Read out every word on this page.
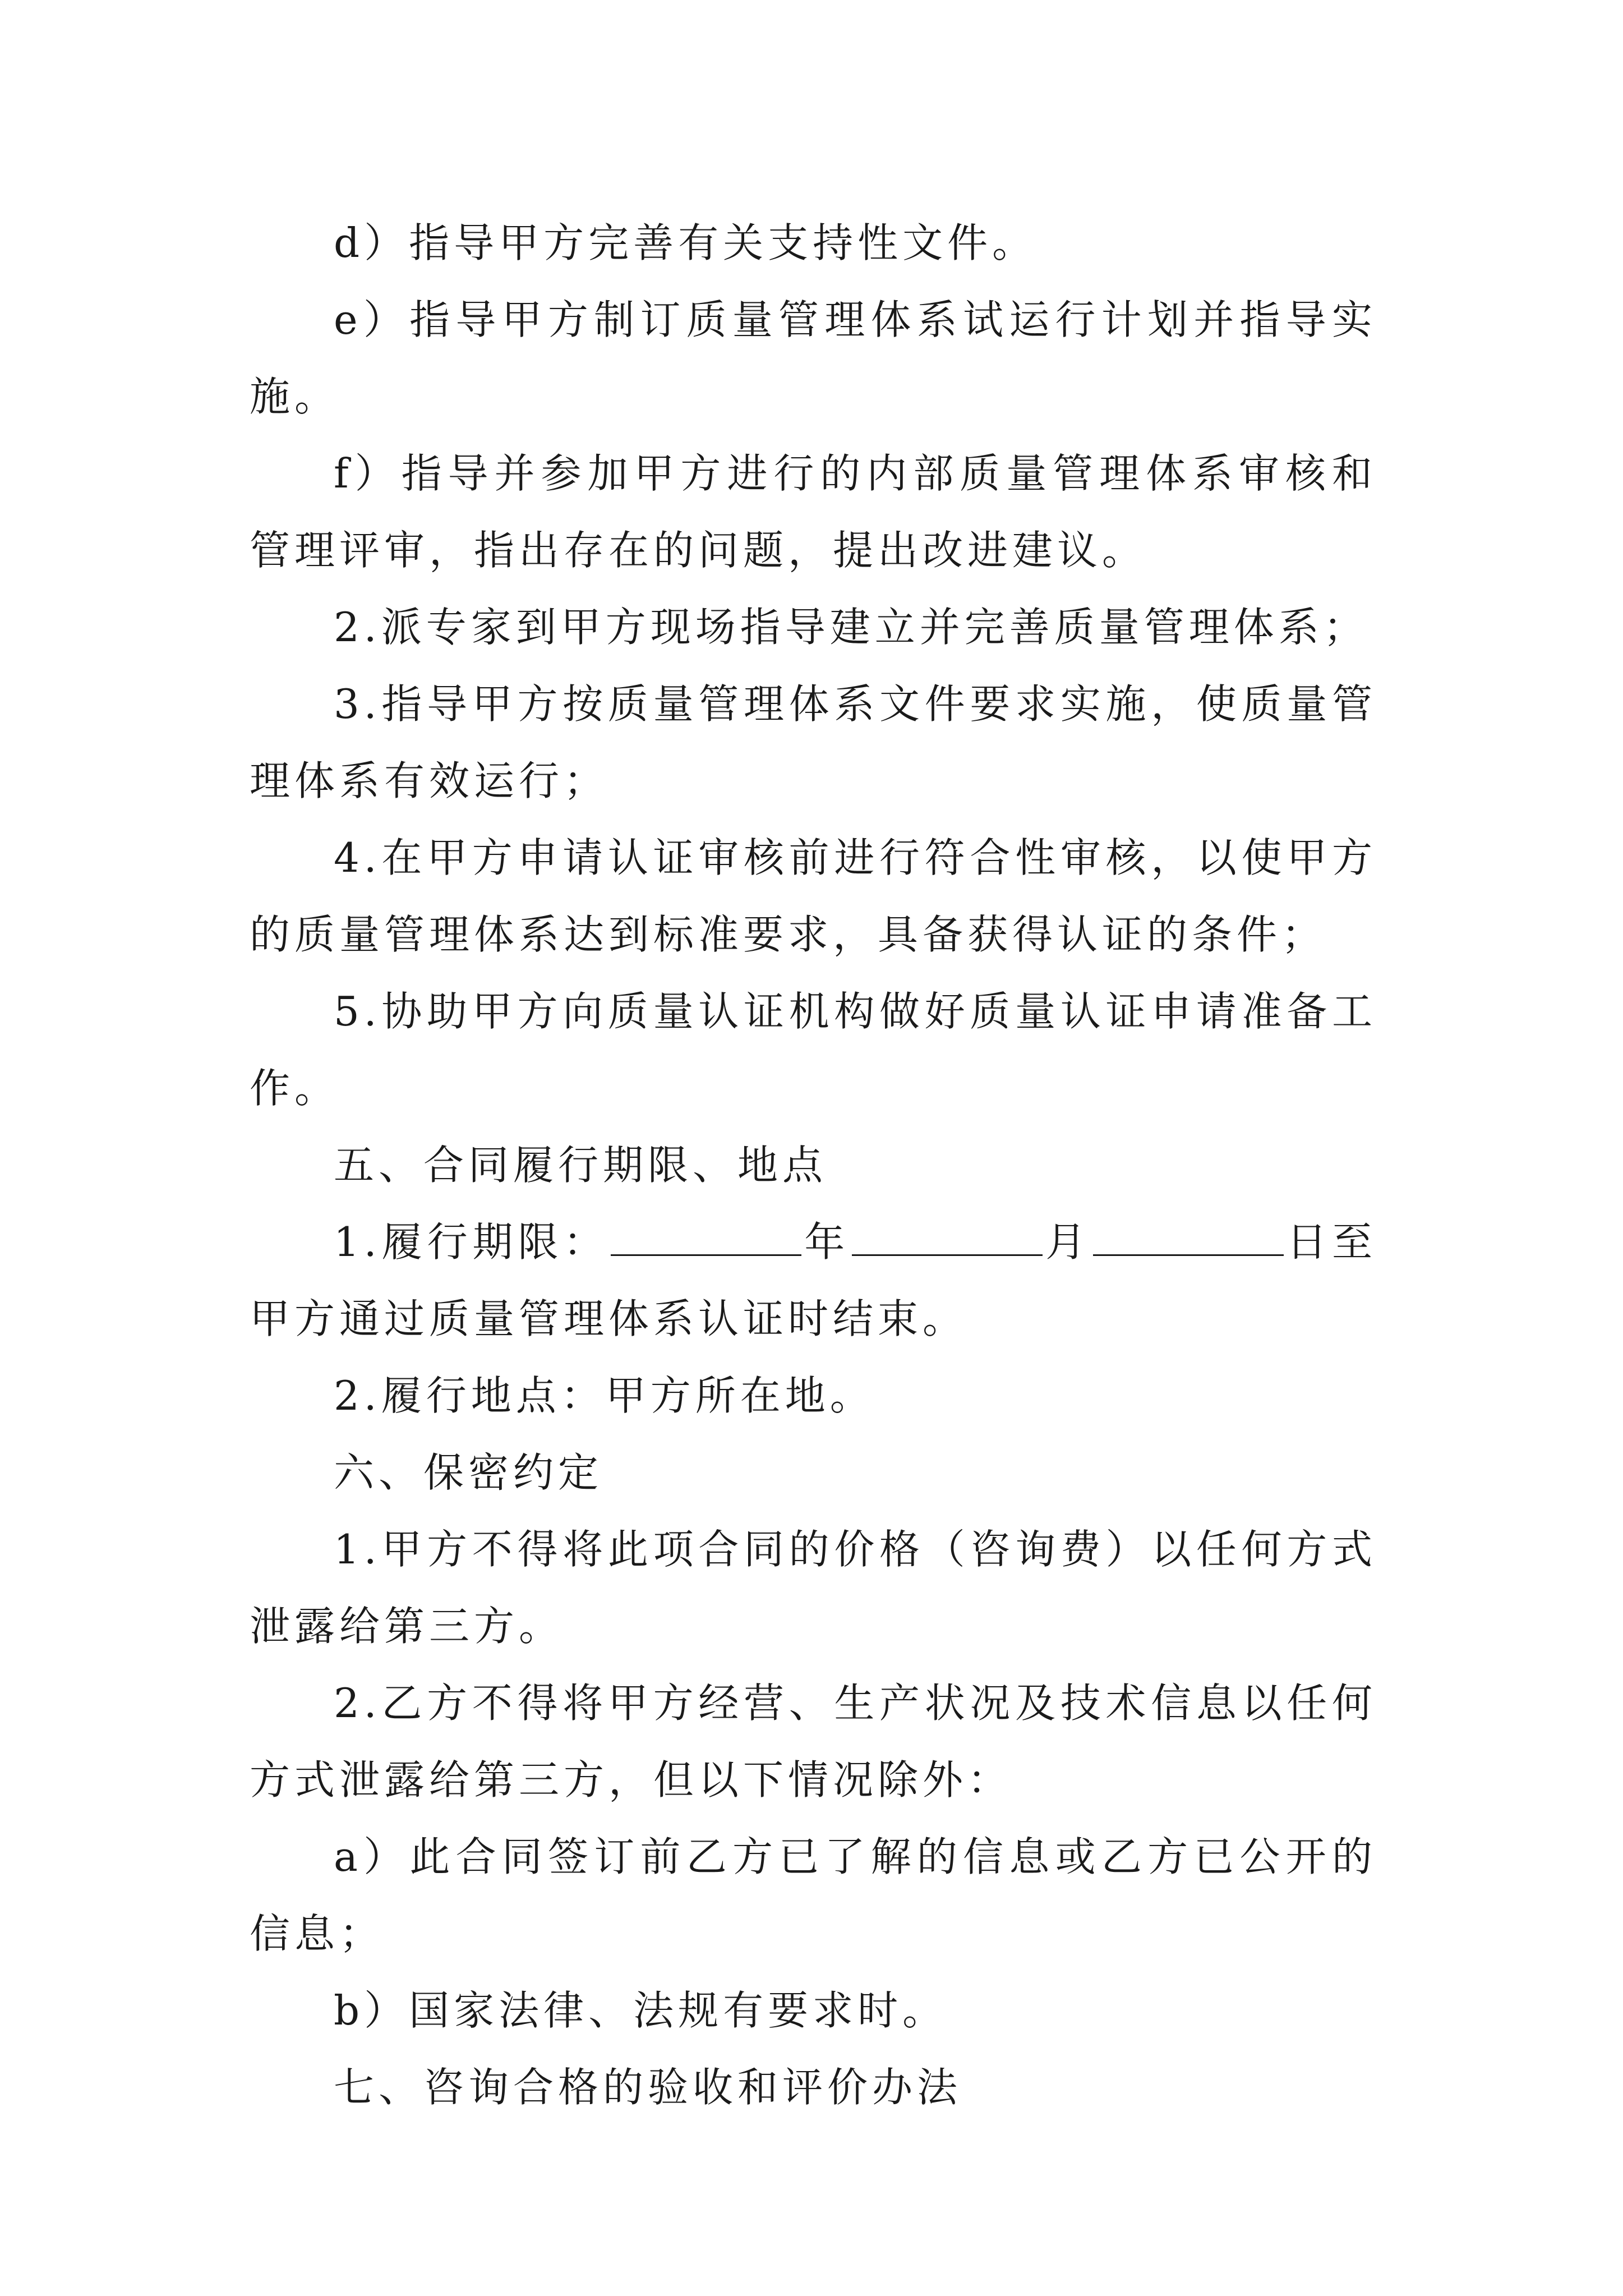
d）指导甲方完善有关支持性文件。

e）指导甲方制订质量管理体系试运行计划并指导实施。

f）指导并参加甲方进行的内部质量管理体系审核和管理评审，指出存在的问题，提出改进建议。

2.派专家到甲方现场指导建立并完善质量管理体系；

3.指导甲方按质量管理体系文件要求实施，使质量管理体系有效运行；

4.在甲方申请认证审核前进行符合性审核，以使甲方的质量管理体系达到标准要求，具备获得认证的条件；

5.协助甲方向质量认证机构做好质量认证申请准备工作。

五、合同履行期限、地点

1.履行期限：	年	月	日至甲方通过质量管理体系认证时结束。

2.履行地点：甲方所在地。

六、保密约定

1.甲方不得将此项合同的价格（咨询费）以任何方式泄露给第三方。

2.乙方不得将甲方经营、生产状况及技术信息以任何方式泄露给第三方，但以下情况除外：

a）此合同签订前乙方已了解的信息或乙方已公开的信息；

b）国家法律、法规有要求时。

七、咨询合格的验收和评价办法
